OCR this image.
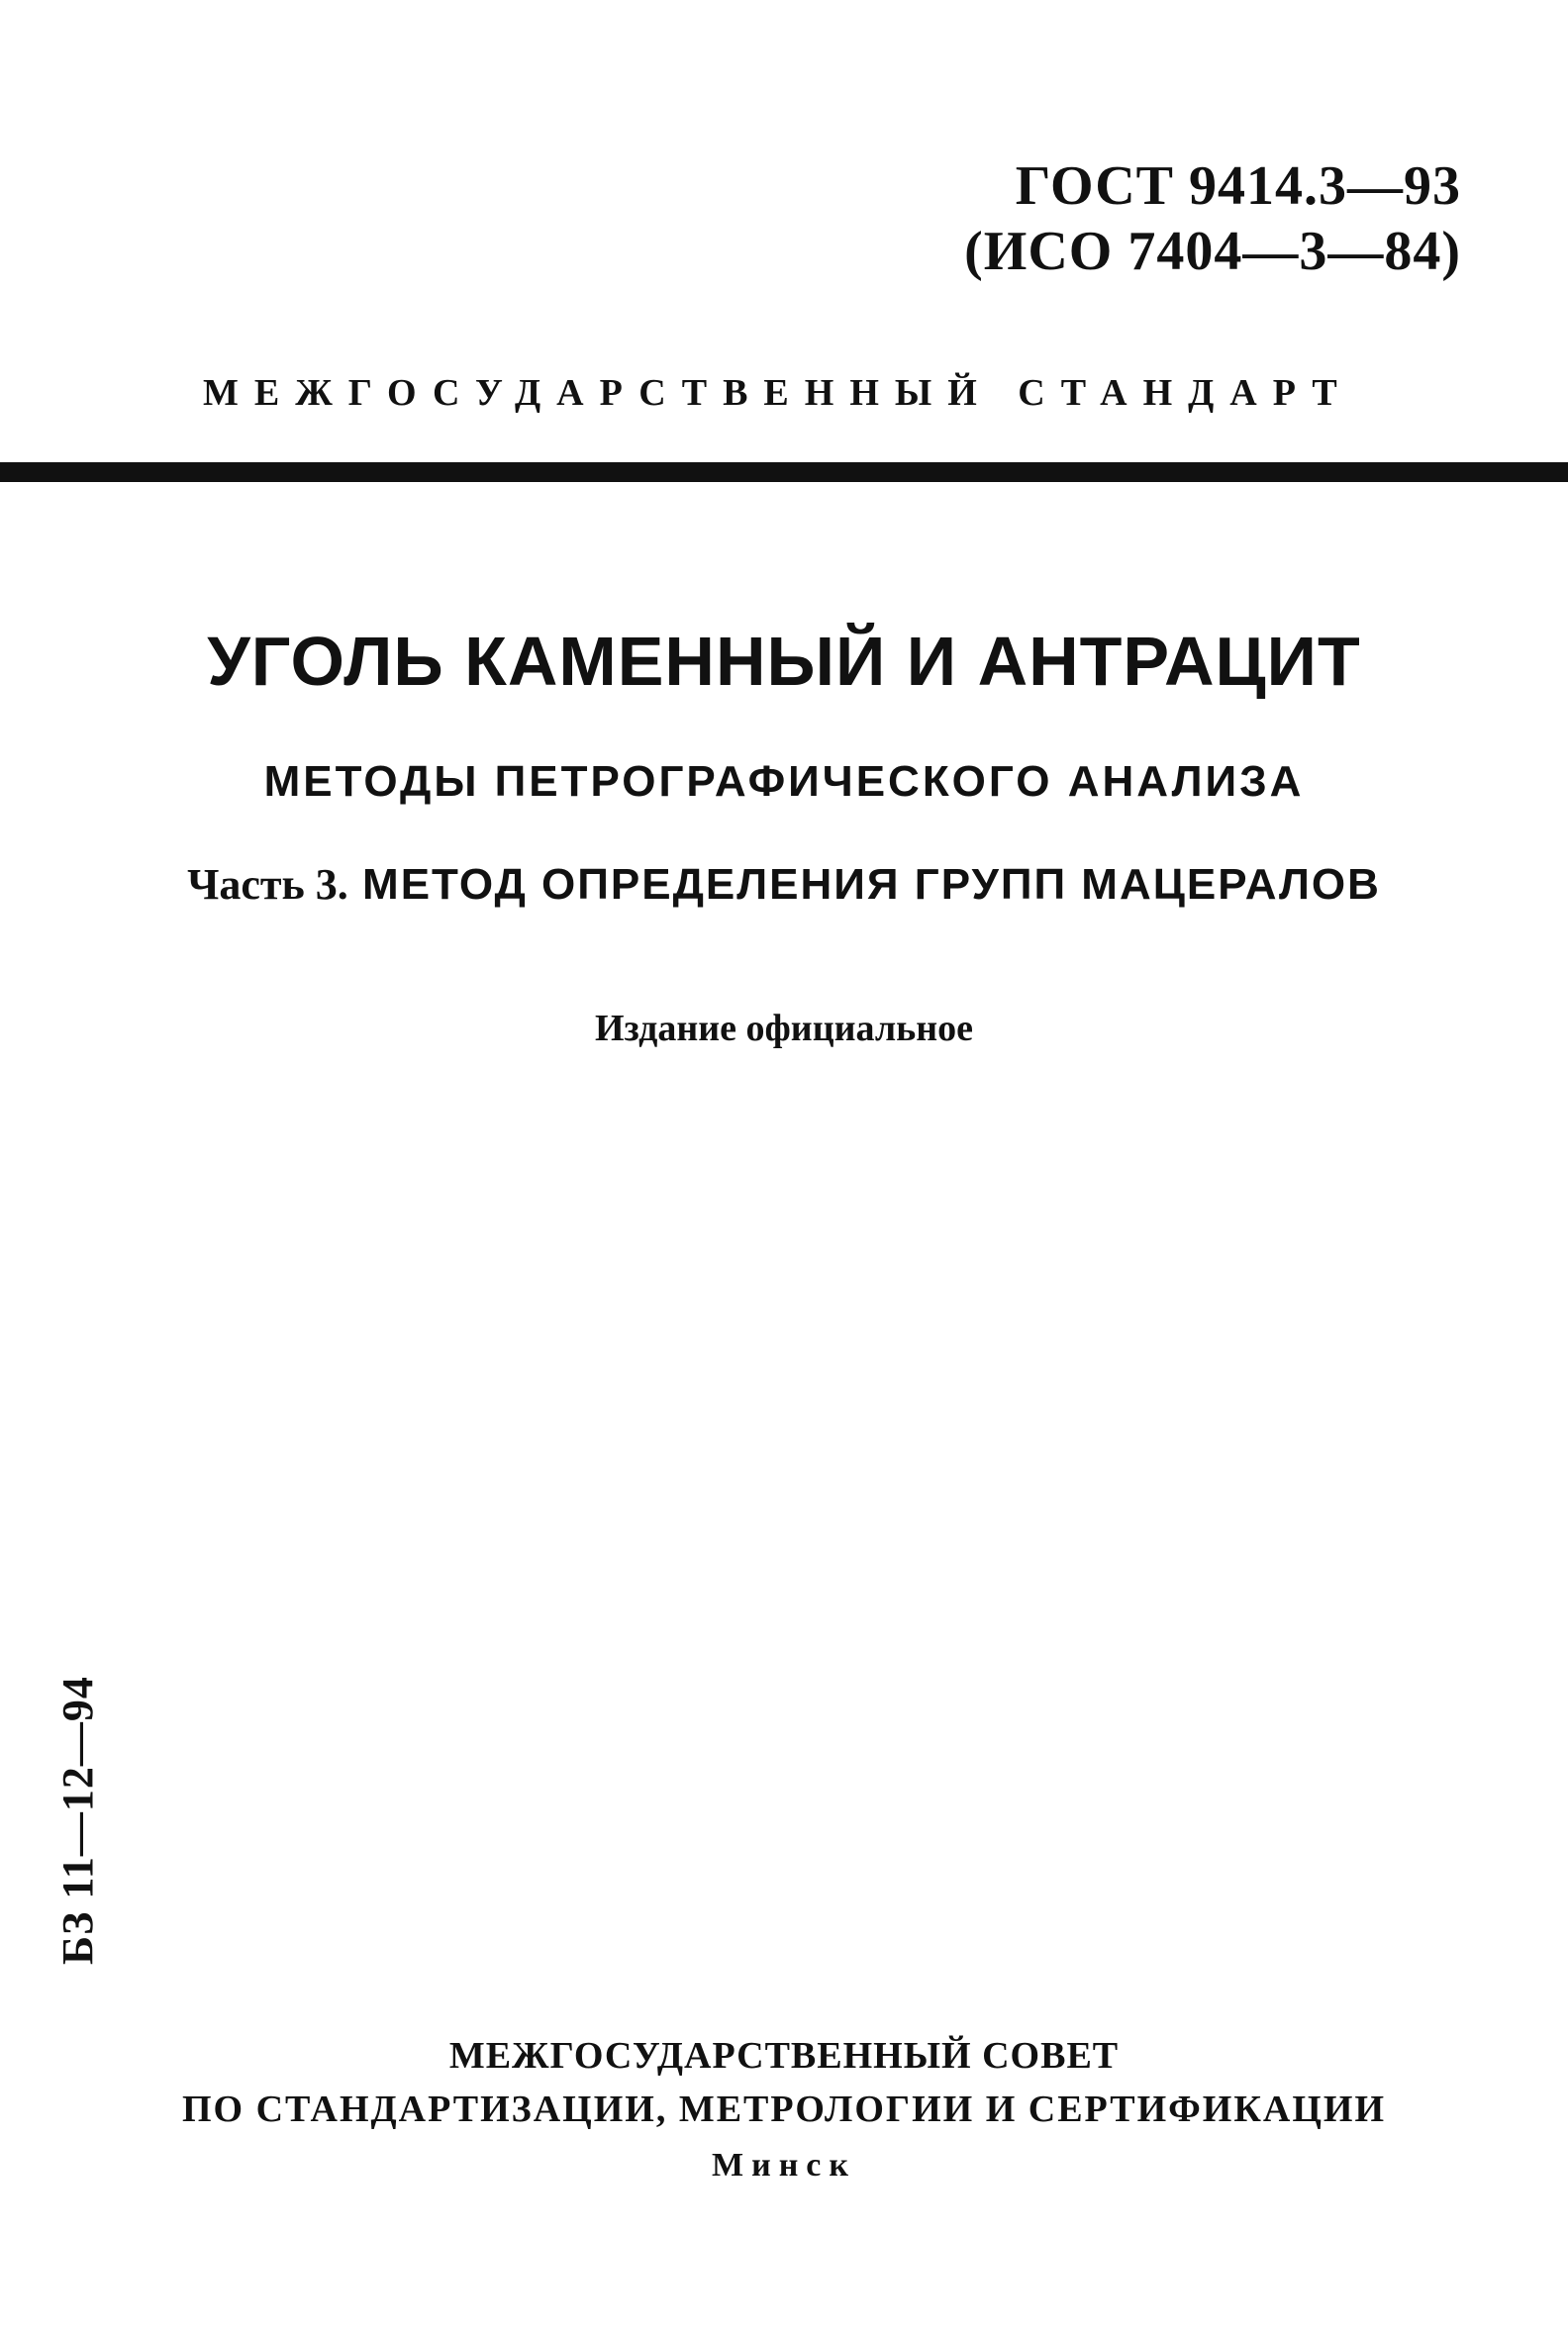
ГОСТ 9414.3—93
(ИСО 7404—3—84)
МЕЖГОСУДАРСТВЕННЫЙ СТАНДАРТ
УГОЛЬ КАМЕННЫЙ И АНТРАЦИТ
МЕТОДЫ ПЕТРОГРАФИЧЕСКОГО АНАЛИЗА
Часть 3. МЕТОД ОПРЕДЕЛЕНИЯ ГРУПП МАЦЕРАЛОВ
Издание официальное
БЗ 11—12—94
МЕЖГОСУДАРСТВЕННЫЙ СОВЕТ
ПО СТАНДАРТИЗАЦИИ, МЕТРОЛОГИИ И СЕРТИФИКАЦИИ
Минск
